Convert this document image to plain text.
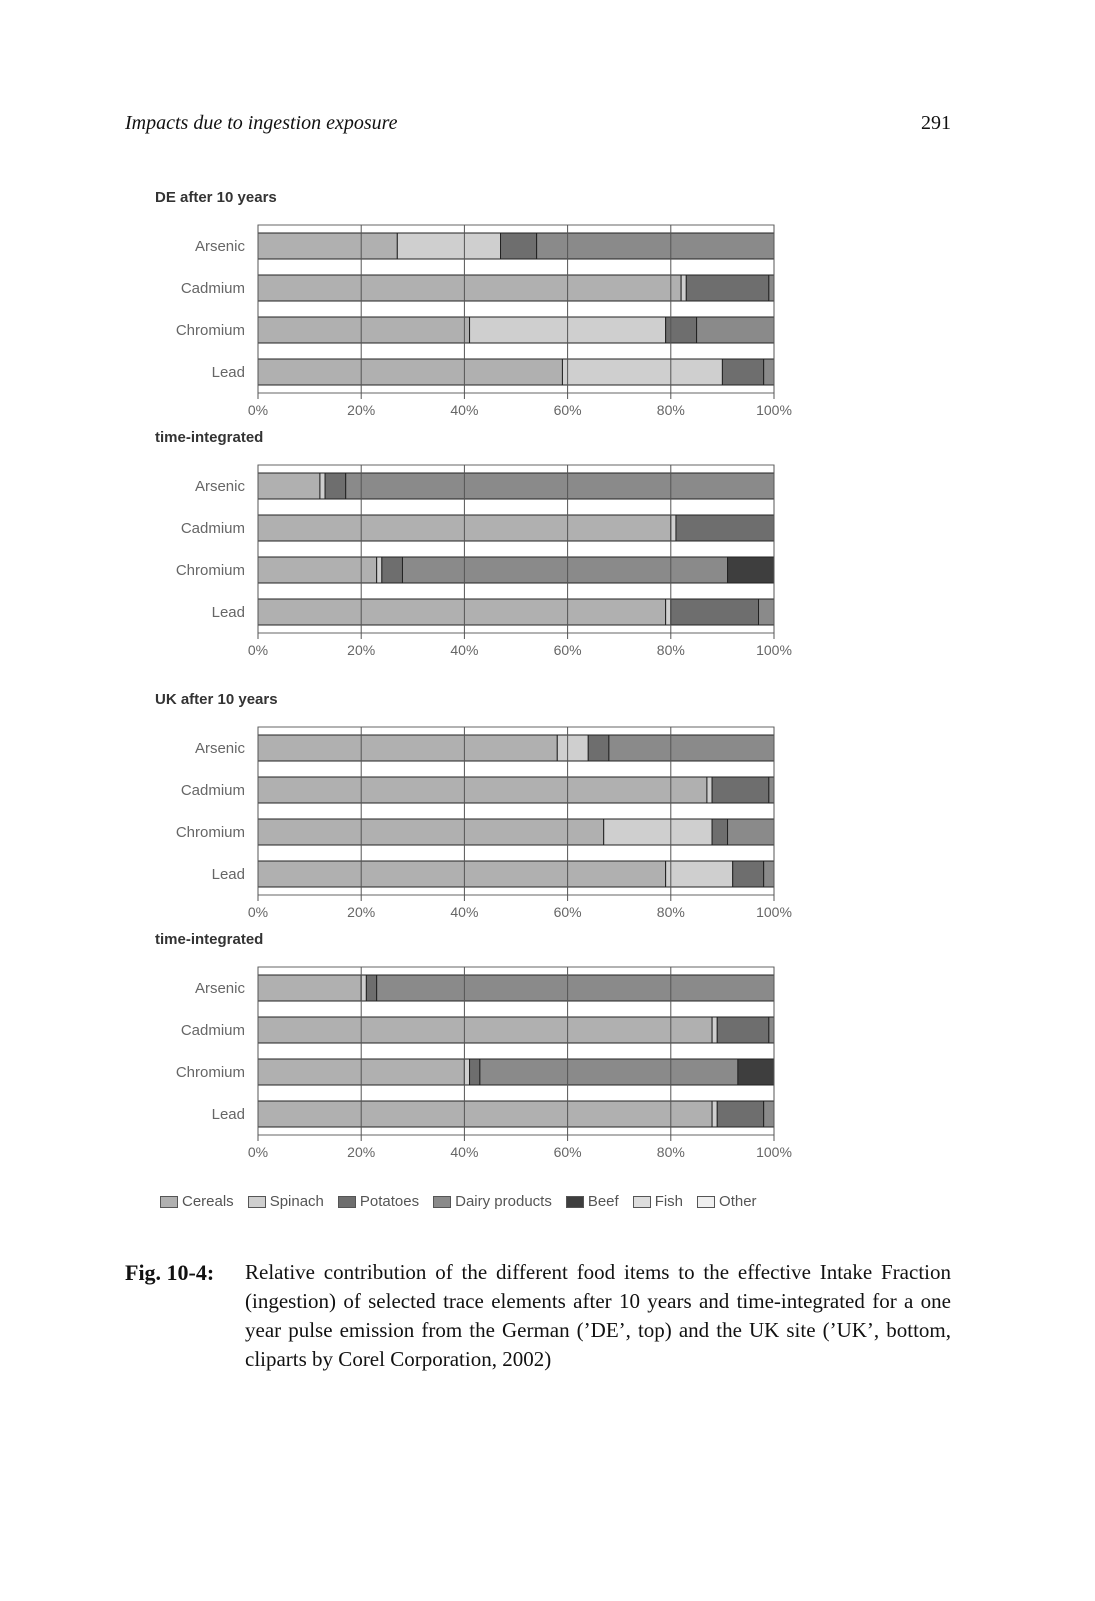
Impacts due to ingestion exposure	291
DE after 10 years
Arsenic
Cadmium
Chromium
Lead
0%	20%	40%	60%	80%	100%
time-integrated
Arsenic
Cadmium
Chromium
Lead
0%	20%	40%	60%	80%	100%
UK after 10 years
Arsenic
Cadmium
Chromium
Lead
0%	20%	40%	60%	80%	100%
time-integrated
Arsenic
Cadmium
Chromium
Lead
0%	20%	40%	60%	80%	100%
Cereals Spinach Potatoes Dairy products Beef Fish Other
Fig. 10-4:	Relative contribution of the different food items to the effective Intake Fraction (ingestion) of selected trace elements after 10 years and time-integrated for a one year pulse emission from the German (’DE’, top) and the UK site (’UK’, bottom, cliparts by Corel Corporation, 2002)
